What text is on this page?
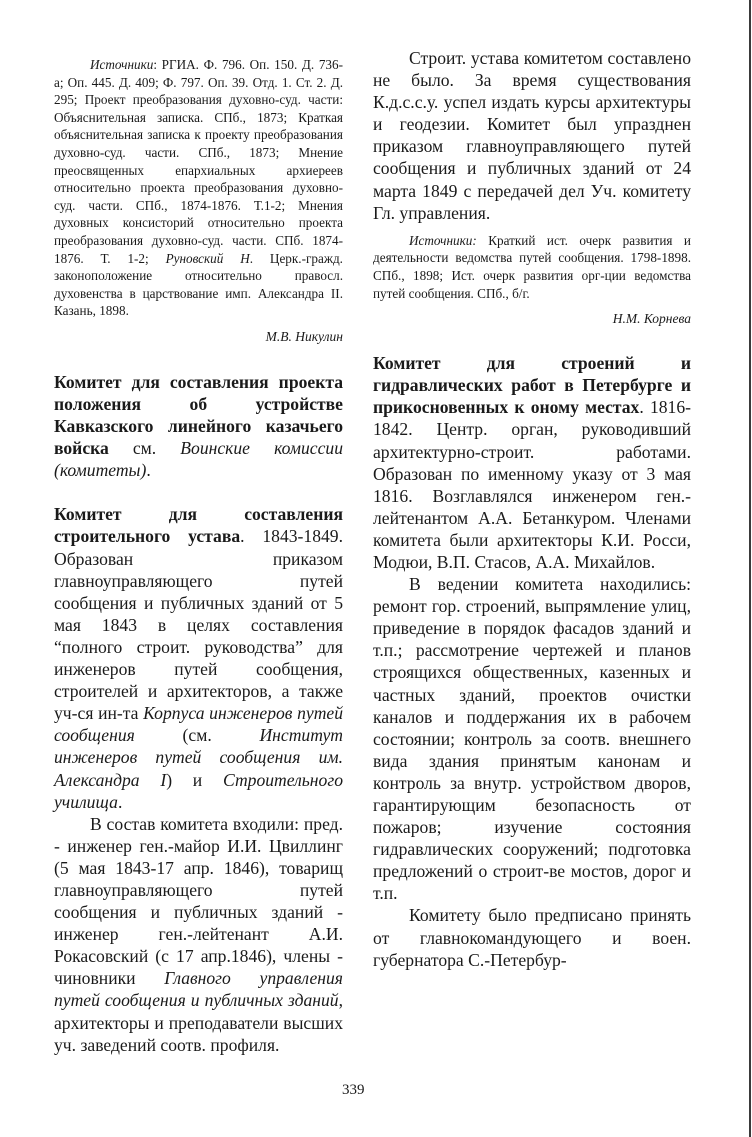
Источники: РГИА. Ф. 796. Оп. 150. Д. 736-а; Оп. 445. Д. 409; Ф. 797. Оп. 39. Отд. 1. Ст. 2. Д. 295; Проект преобразования духовно-суд. части: Объяснительная записка. СПб., 1873; Краткая объяснительная записка к проекту преобразования духовно-суд. части. СПб., 1873; Мнение преосвященных епархиальных архиереев относительно проекта преобразования духовно-суд. части. СПб., 1874-1876. Т.1-2; Мнения духовных консисторий относительно проекта преобразования духовно-суд. части. СПб. 1874-1876. Т. 1-2; Руновский Н. Церк.-гражд. законоположение относительно правосл. духовенства в царствование имп. Александра II. Казань, 1898.

М.В. Никулин

Комитет для составления проекта положения об устройстве Кавказского линейного казачьего войска см. Воинские комиссии (комитеты).

Комитет для составления строительного устава. 1843-1849. Образован приказом главноуправляющего путей сообщения и публичных зданий от 5 мая 1843 в целях составления “полного строит. руководства” для инженеров путей сообщения, строителей и архитекторов, а также уч-ся ин-та Корпуса инженеров путей сообщения (см. Институт инженеров путей сообщения им. Александра I) и Строительного училища.

В состав комитета входили: пред. - инженер ген.-майор И.И. Цвиллинг (5 мая 1843-17 апр. 1846), товарищ главноуправляющего путей сообщения и публичных зданий - инженер ген.-лейтенант А.И. Рокасовский (с 17 апр.1846), члены - чиновники Главного управления путей сообщения и публичных зданий, архитекторы и преподаватели высших уч. заведений соотв. профиля.

Строит. устава комитетом составлено не было. За время существования К.д.с.с.у. успел издать курсы архитектуры и геодезии. Комитет был упразднен приказом главноуправляющего путей сообщения и публичных зданий от 24 марта 1849 с передачей дел Уч. комитету Гл. управления.

Источники: Краткий ист. очерк развития и деятельности ведомства путей сообщения. 1798-1898. СПб., 1898; Ист. очерк развития орг-ции ведомства путей сообщения. СПб., б/г.

Н.М. Корнева

Комитет для строений и гидравлических работ в Петербурге и прикосновенных к оному местах. 1816-1842. Центр. орган, руководивший архитектурно-строит. работами. Образован по именному указу от 3 мая 1816. Возглавлялся инженером ген.-лейтенантом А.А. Бетанкуром. Членами комитета были архитекторы К.И. Росси, Модюи, В.П. Стасов, А.А. Михайлов.

В ведении комитета находились: ремонт гор. строений, выпрямление улиц, приведение в порядок фасадов зданий и т.п.; рассмотрение чертежей и планов строящихся общественных, казенных и частных зданий, проектов очистки каналов и поддержания их в рабочем состоянии; контроль за соотв. внешнего вида здания принятым канонам и контроль за внутр. устройством дворов, гарантирующим безопасность от пожаров; изучение состояния гидравлических сооружений; подготовка предложений о строит-ве мостов, дорог и т.п.

Комитету было предписано принять от главнокомандующего и воен. губернатора С.-Петербур-

339
